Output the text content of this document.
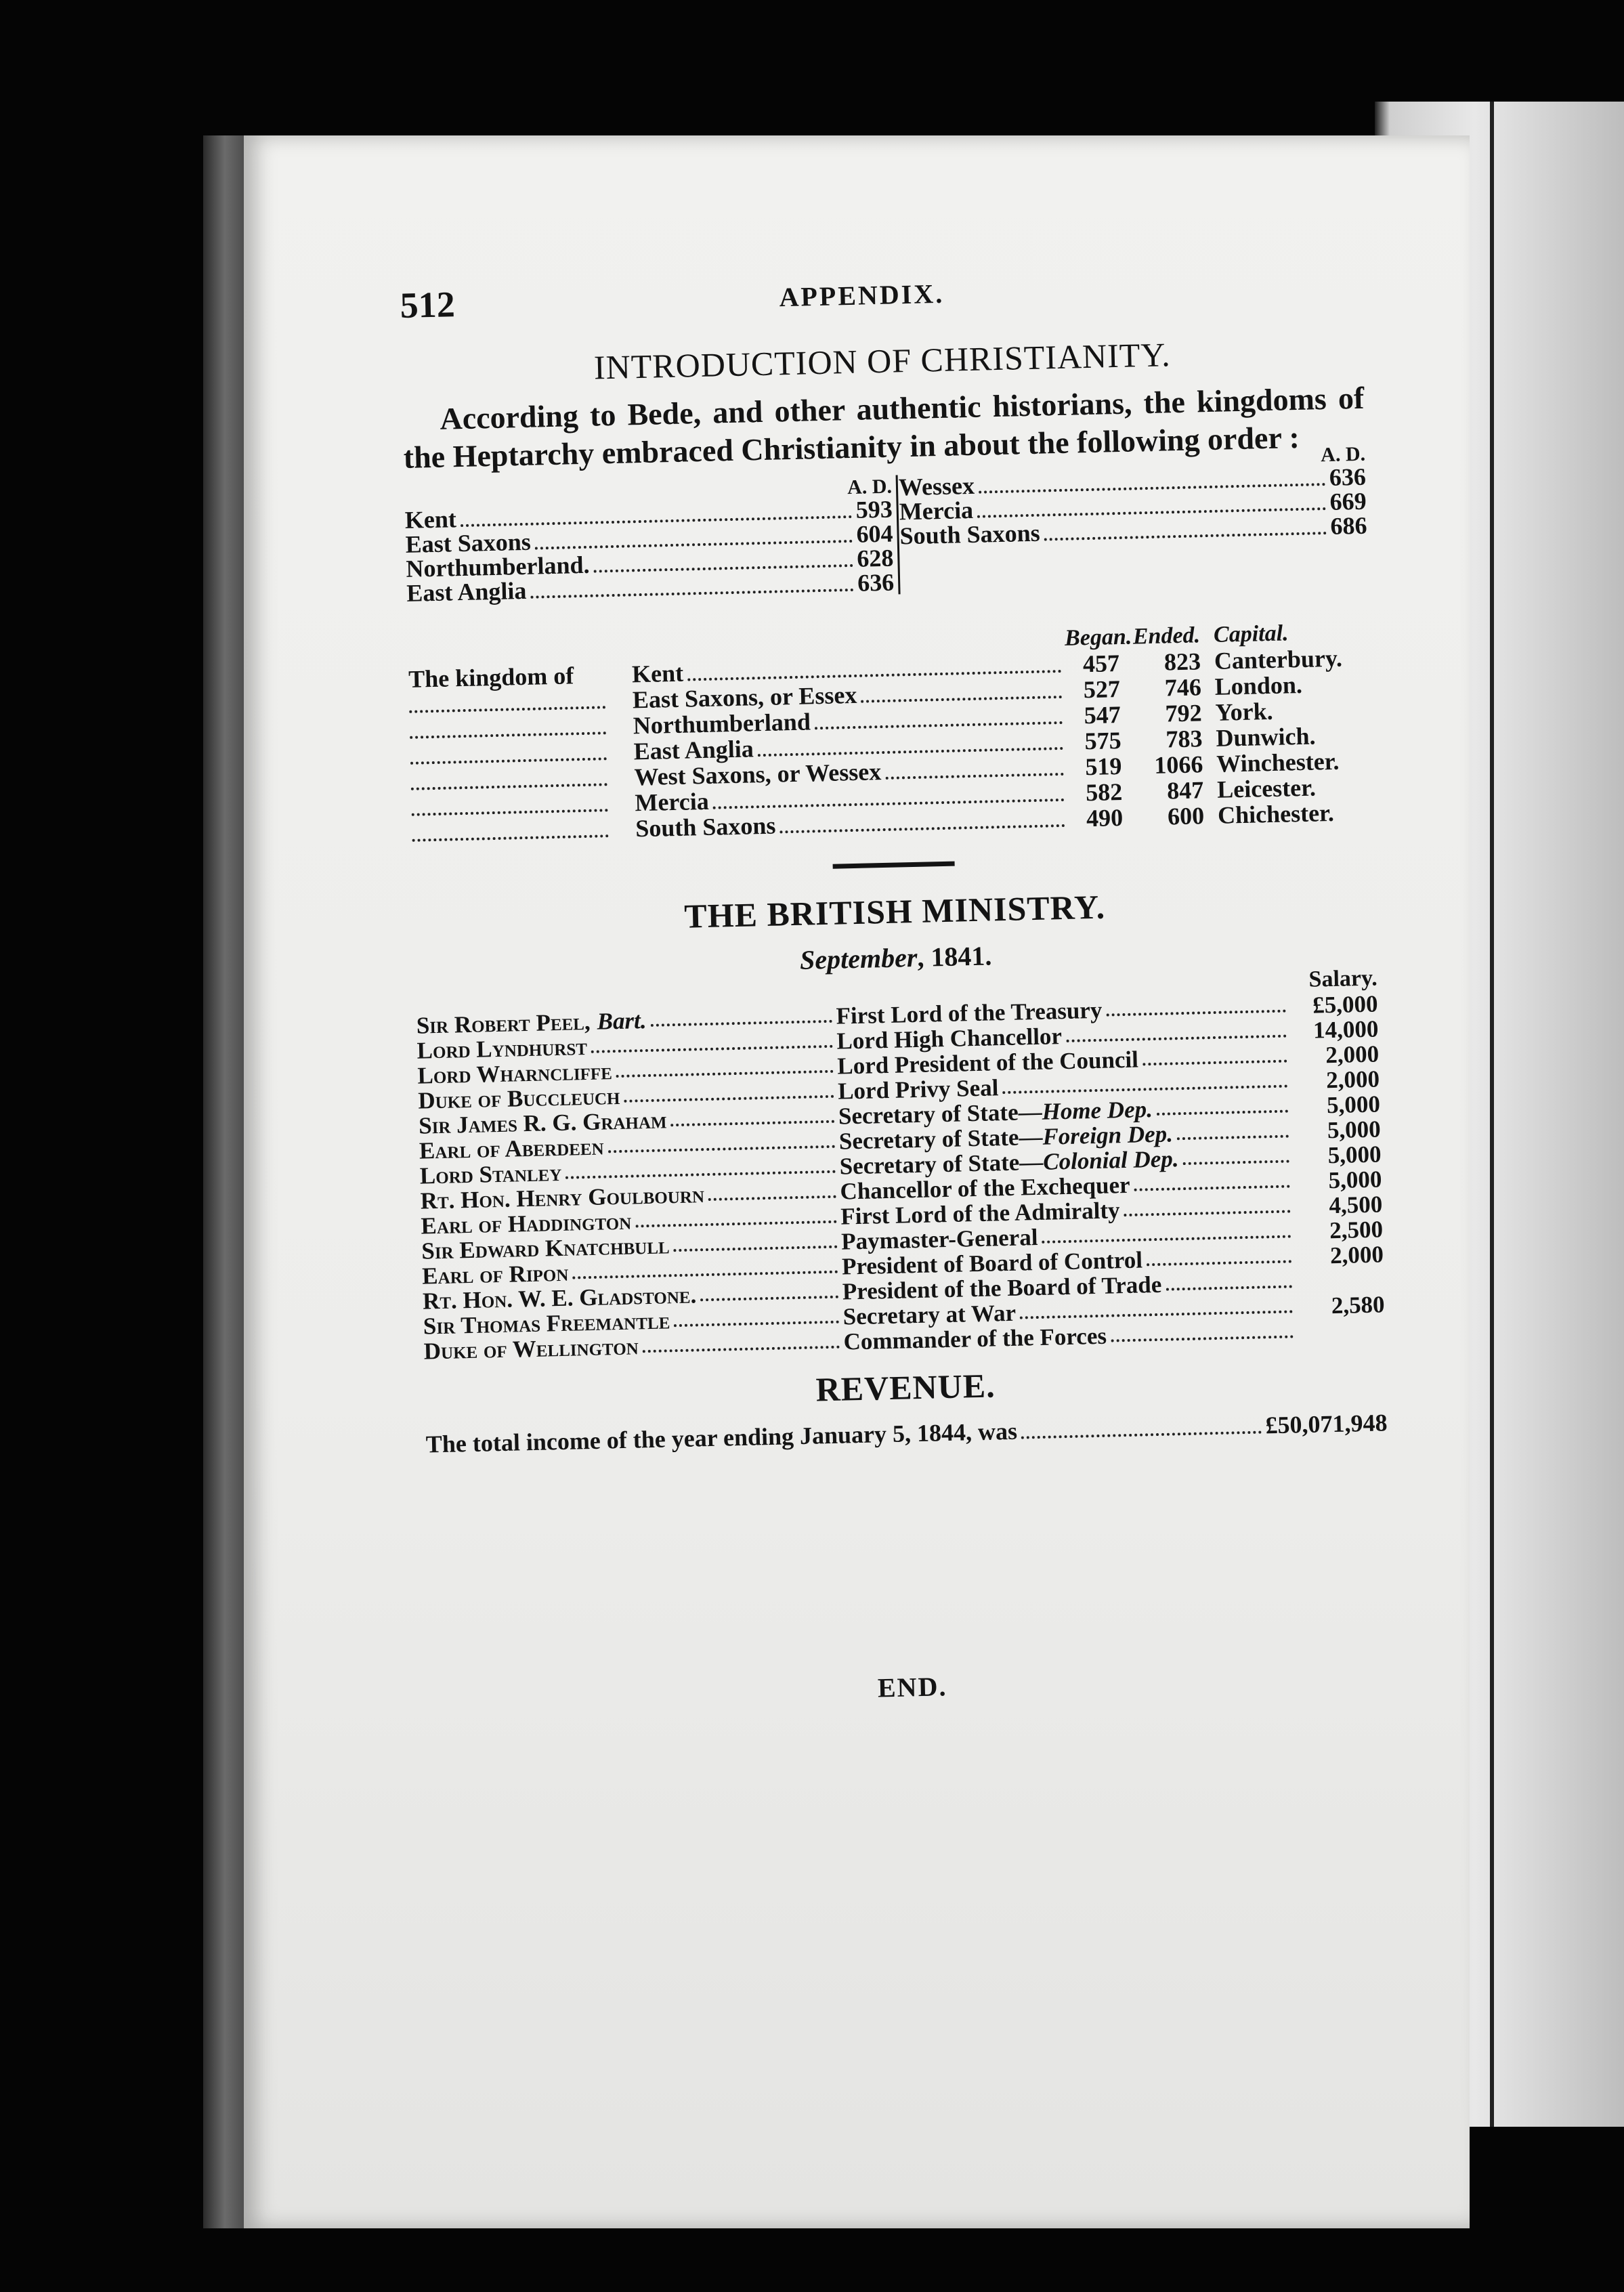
512	APPENDIX.
INTRODUCTION OF CHRISTIANITY.

According to Bede, and other authentic historians, the kingdoms of the Heptarchy embraced Christianity in about the following order :

A. D.
Kent	593
East Saxons	604
Northumberland.	628
East Anglia	636
A. D.
Wessex	636
Mercia	669
South Saxons	686
Began. Ended. Capital.
The kingdom of	Kent	457	823 Canterbury.
East Saxons, or Essex	527	746 London.
Northumberland	547	792 York.
East Anglia	575	783 Dunwich.
West Saxons, or Wessex	519	1066 Winchester.
Mercia	582	847 Leicester.
South Saxons	490	600 Chichester.
THE BRITISH MINISTRY.
September, 1841.
Salary.
Sir Robert Peel, Bart.	First Lord of the Treasury	£5,000
Lord Lyndhurst	Lord High Chancellor	14,000
Lord Wharncliffe	Lord President of the Council	2,000
Duke of Buccleuch	Lord Privy Seal	2,000
Sir James R. G. Graham	Secretary of State— Home Dep.	5,000
Earl of Aberdeen	Secretary of State— Foreign Dep.	5,000
Lord Stanley	Secretary of State— Colonial Dep.	5,000
Rt. Hon. Henry Goulbourn	Chancellor of the Exchequer	5,000
Earl of Haddington	First Lord of the Admiralty	4,500
Sir Edward Knatchbull	Paymaster-General	2,500
Earl of Ripon	President of Board of Control	2,000
Rt. Hon. W. E. Gladstone.	President of the Board of Trade
Sir Thomas Freemantle	Secretary at War	2,580
Duke of Wellington	Commander of the Forces
REVENUE.
The total income of the year ending January 5, 1844, was	£50,071,948
END.
